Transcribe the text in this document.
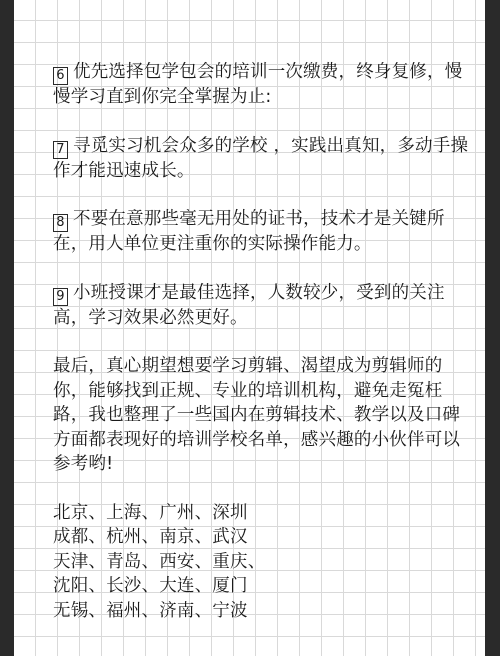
6 优先选择包学包会的培训一次缴费，终身复修，慢慢学习直到你完全掌握为止:

7 寻觅实习机会众多的学校 ，实践出真知，多动手操作才能迅速成长。

8 不要在意那些毫无用处的证书，技术才是关键所在，用人单位更注重你的实际操作能力。

9 小班授课才是最佳选择，人数较少，受到的关注高，学习效果必然更好。

最后，真心期望想要学习剪辑、渴望成为剪辑师的你，能够找到正规、专业的培训机构，避免走冤枉路，我也整理了一些国内在剪辑技术、教学以及口碑方面都表现好的培训学校名单，感兴趣的小伙伴可以参考哟!

北京、上海、广州、深圳
成都、杭州、南京、武汉
天津、青岛、西安、重庆、
沈阳、长沙、大连、厦门
无锡、福州、济南、宁波
